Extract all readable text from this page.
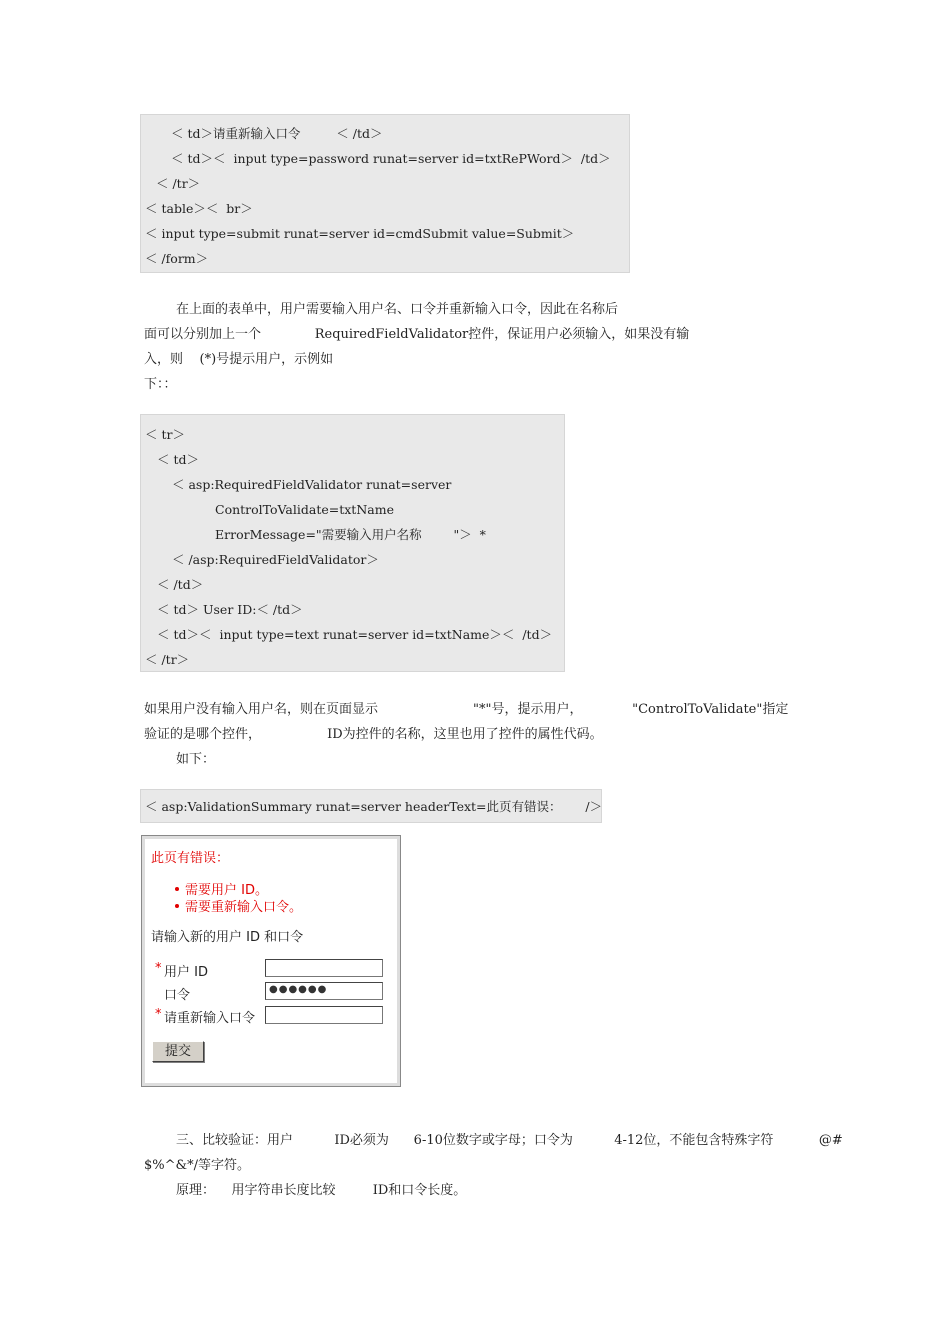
＜ td＞请重新输入口令         ＜ /td＞
＜ td＞＜  input type=password runat=server id=txtRePWord＞  /td＞
＜ /tr＞
＜ table＞＜  br＞
＜ input type=submit runat=server id=cmdSubmit value=Submit＞
＜ /form＞
在上面的表单中，用户需要输入用户名、口令并重新输入口令，因此在名称后
面可以分别加上一个             RequiredFieldValidator控件，保证用户必须输入，如果没有输
入，则    (*)号提示用户，示例如
下：：
＜ tr＞
＜ td＞
＜ asp:RequiredFieldValidator runat=server
ControlToValidate=txtName
ErrorMessage="需要输入用户名称        "＞  *
＜ /asp:RequiredFieldValidator＞
＜ /td＞
＜ td＞ User ID:＜ /td＞
＜ td＞＜  input type=text runat=server id=txtName＞＜  /td＞
＜ /tr＞
如果用户没有输入用户名，则在页面显示                       "*"号，提示用户，            "ControlToValidate"指定
验证的是哪个控件，                ID为控件的名称，这里也用了控件的属性代码。
如下：
＜ asp:ValidationSummary runat=server headerText=此页有错误：      /＞
此页有错误：
需要用户 ID。
需要重新输入口令。
请输入新的用户 ID 和口令
* 用户 ID
口令	●●●●●●
* 请重新输入口令
提交
三、比较验证：用户          ID必须为      6-10位数字或字母；口令为          4-12位，不能包含特殊字符           @#
$%^&*/等字符。
原理：    用字符串长度比较         ID和口令长度。
